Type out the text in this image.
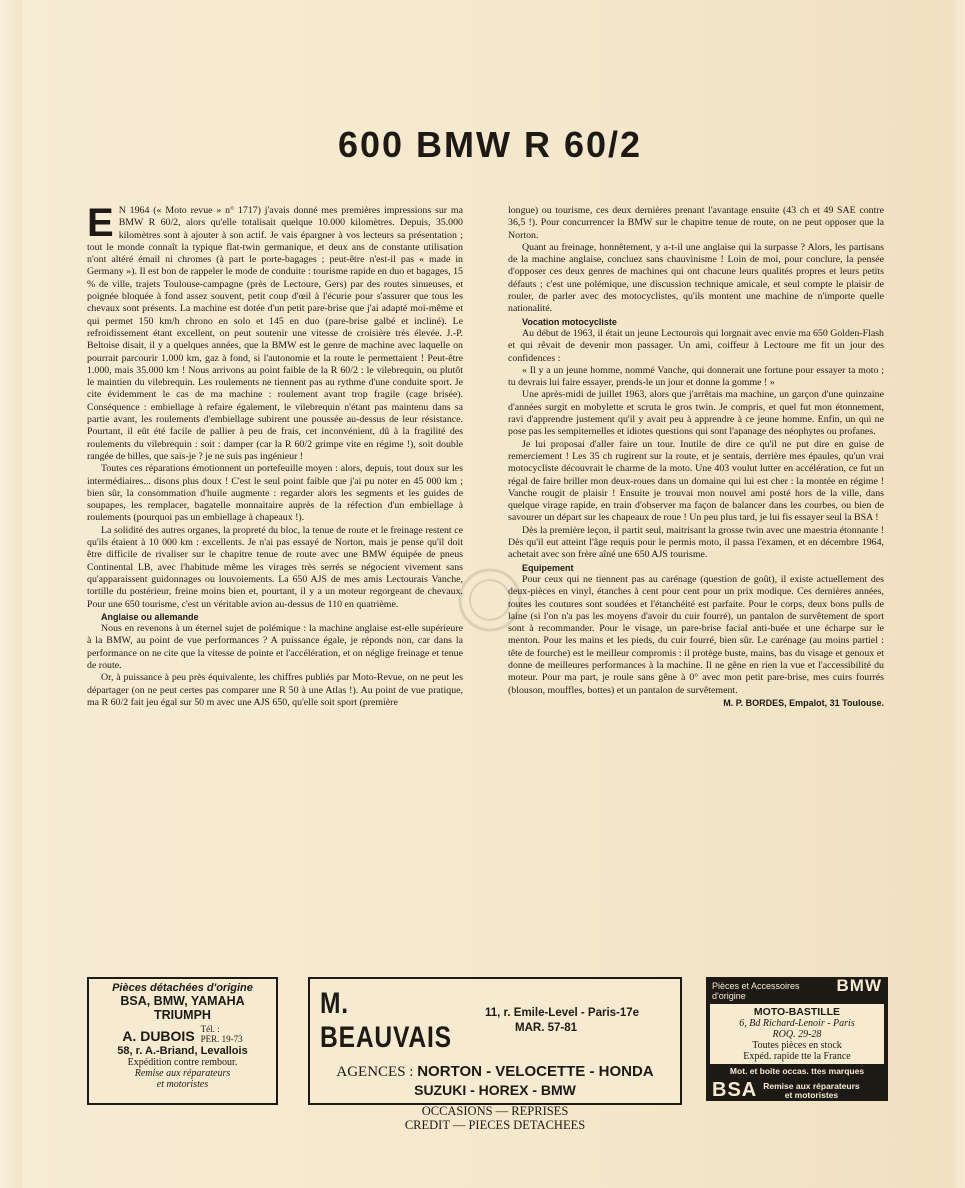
600 BMW R 60/2

E N 1964 (« Moto revue » n° 1717) j'avais donné mes premières impressions sur ma BMW R 60/2, alors qu'elle totalisait quelque 10.000 kilomètres. Depuis, 35.000 kilomètres sont à ajouter à son actif. Je vais épargner à vos lecteurs sa présentation ; tout le monde connaît la typique flat-twin germanique, et deux ans de constante utilisation n'ont altéré émail ni chromes (à part le porte-bagages ; peut-être n'est-il pas « made in Germany »). Il est bon de rappeler le mode de conduite : tourisme rapide en duo et bagages, 15 % de ville, trajets Toulouse-campagne (près de Lectoure, Gers) par des routes sinueuses, et poignée bloquée à fond assez souvent, petit coup d'œil à l'écurie pour s'assurer que tous les chevaux sont présents. La machine est dotée d'un petit pare-brise que j'ai adapté moi-même et qui permet 150 km/h chrono en solo et 145 en duo (pare-brise galbé et incliné). Le refroidissement étant excellent, on peut soutenir une vitesse de croisière très élevée. J.-P. Beltoise disait, il y a quelques années, que la BMW est le genre de machine avec laquelle on pourrait parcourir 1.000 km, gaz à fond, si l'autonomie et la route le permettaient ! Peut-être 1.000, mais 35.000 km ! Nous arrivons au point faible de la R 60/2 : le vilebrequin, ou plutôt le maintien du vilebrequin. Les roulements ne tiennent pas au rythme d'une conduite sport. Je cite évidemment le cas de ma machine : roulement avant trop fragile (cage brisée). Conséquence : embiellage à refaire également, le vilebrequin n'étant pas maintenu dans sa partie avant, les roulements d'embiellage subirent une poussée au-dessus de leur résistance. Pourtant, il eût été facile de pallier à peu de frais, cet inconvénient, dû à la fragilité des roulements du vilebrequin : soit : damper (car la R 60/2 grimpe vite en régime !), soit double rangée de billes, que sais-je ? je ne suis pas ingénieur !

Toutes ces réparations émotionnent un portefeuille moyen : alors, depuis, tout doux sur les intermédiaires... disons plus doux ! C'est le seul point faible que j'ai pu noter en 45 000 km ; bien sûr, la consommation d'huile augmente : regarder alors les segments et les guides de soupapes, les remplacer, bagatelle monnaitaire auprès de la réfection d'un embiellage à roulements (pourquoi pas un embiellage à chapeaux !).

La solidité des autres organes, la propreté du bloc, la tenue de route et le freinage restent ce qu'ils étaient à 10 000 km : excellents. Je n'ai pas essayé de Norton, mais je pense qu'il doit être difficile de rivaliser sur le chapitre tenue de route avec une BMW équipée de pneus Continental LB, avec l'habitude même les virages très serrés se négocient vivement sans qu'apparaissent guidonnages ou louvoiements. La 650 AJS de mes amis Lectourais Vanche, tortille du postérieur, freine moins bien et, pourtant, il y a un moteur regorgeant de chevaux. Pour une 650 tourisme, c'est un véritable avion au-dessus de 110 en quatrième.

Anglaise ou allemande

Nous en revenons à un éternel sujet de polémique : la machine anglaise est-elle supérieure à la BMW, au point de vue performances ? A puissance égale, je réponds non, car dans la performance on ne cite que la vitesse de pointe et l'accélération, et on néglige freinage et tenue de route.

Or, à puissance à peu près équivalente, les chiffres publiés par Moto-Revue, on ne peut les départager (on ne peut certes pas comparer une R 50 à une Atlas !). Au point de vue pratique, ma R 60/2 fait jeu égal sur 50 m avec une AJS 650, qu'elle soit sport (première

longue) ou tourisme, ces deux dernières prenant l'avantage ensuite (43 ch et 49 SAE contre 36,5 !). Pour concurrencer la BMW sur le chapitre tenue de route, on ne peut opposer que la Norton.

Quant au freinage, honnêtement, y a-t-il une anglaise qui la surpasse ? Alors, les partisans de la machine anglaise, concluez sans chauvinisme ! Loin de moi, pour conclure, la pensée d'opposer ces deux genres de machines qui ont chacune leurs qualités propres et leurs petits défauts ; c'est une polémique, une discussion technique amicale, et seul compte le plaisir de rouler, de parler avec des motocyclistes, qu'ils montent une machine de n'importe quelle nationalité.

Vocation motocycliste

Au début de 1963, il était un jeune Lectourois qui lorgnait avec envie ma 650 Golden-Flash et qui rêvait de devenir mon passager. Un ami, coiffeur à Lectoure me fit un jour des confidences :

« Il y a un jeune homme, nommé Vanche, qui donnerait une fortune pour essayer ta moto ; tu devrais lui faire essayer, prends-le un jour et donne la gomme ! »

Une après-midi de juillet 1963, alors que j'arrêtais ma machine, un garçon d'une quinzaine d'années surgit en mobylette et scruta le gros twin. Je compris, et quel fut mon étonnement, ravi d'apprendre justement qu'il y avait peu à apprendre à ce jeune homme. Enfin, un qui ne pose pas les sempiternelles et idiotes questions qui sont l'apanage des néophytes ou profanes.

Je lui proposai d'aller faire un tour. Inutile de dire ce qu'il ne put dire en guise de remerciement ! Les 35 ch rugirent sur la route, et je sentais, derrière mes épaules, qu'un vrai motocycliste découvrait le charme de la moto. Une 403 voulut lutter en accélération, ce fut un régal de faire briller mon deux-roues dans un domaine qui lui est cher : la montée en régime ! Vanche rougit de plaisir ! Ensuite je trouvai mon nouvel ami posté hors de la ville, dans quelque virage rapide, en train d'observer ma façon de balancer dans les courbes, ou bien de savourer un départ sur les chapeaux de roue ! Un peu plus tard, je lui fis essayer seul la BSA !

Dès la première leçon, il partit seul, maitrisant la grosse twin avec une maestria étonnante ! Dès qu'il eut atteint l'âge requis pour le permis moto, il passa l'examen, et en décembre 1964, achetait avec son frère aîné une 650 AJS tourisme.

Equipement

Pour ceux qui ne tiennent pas au carénage (question de goût), il existe actuellement des deux-pièces en vinyl, étanches à cent pour cent pour un prix modique. Ces dernières années, toutes les coutures sont soudées et l'étanchéité est parfaite. Pour le corps, deux bons pulls de laine (si l'on n'a pas les moyens d'avoir du cuir fourré), un pantalon de survêtement de sport sont à recommander. Pour le visage, un pare-brise facial anti-buée et une écharpe sur le menton. Pour les mains et les pieds, du cuir fourré, bien sûr. Le carénage (au moins partiel : tête de fourche) est le meilleur compromis : il protège buste, mains, bas du visage et genoux et donne de meilleures performances à la machine. Il ne gêne en rien la vue et l'accessibilité du moteur. Pour ma part, je roule sans gêne à 0° avec mon petit pare-brise, mes cuirs fourrés (blouson, mouffles, bottes) et un pantalon de survêtement.

M. P. BORDES, Empalot, 31 Toulouse.

Pièces détachées d'origine
BSA, BMW, YAMAHA
TRIUMPH
A. DUBOIS Tél. :
PER. 19-73
58, r. A.-Briand, Levallois
Expédition contre rembour.
Remise aux réparateurs
et motoristes
M. BEAUVAIS
11, r. Emile-Level - Paris-17e
MAR. 57-81
AGENCES : NORTON - VELOCETTE - HONDA
SUZUKI - HOREX - BMW
OCCASIONS — REPRISES
CREDIT — PIECES DETACHEES
Pièces et Accessoires
d'origine
BMW
MOTO-BASTILLE
6, Bd Richard-Lenoir - Paris
ROQ. 29-28
Toutes pièces en stock
Expéd. rapide tte la France
Mot. et boite occas. ttes marques
BSA Remise aux réparateurs
et motoristes
